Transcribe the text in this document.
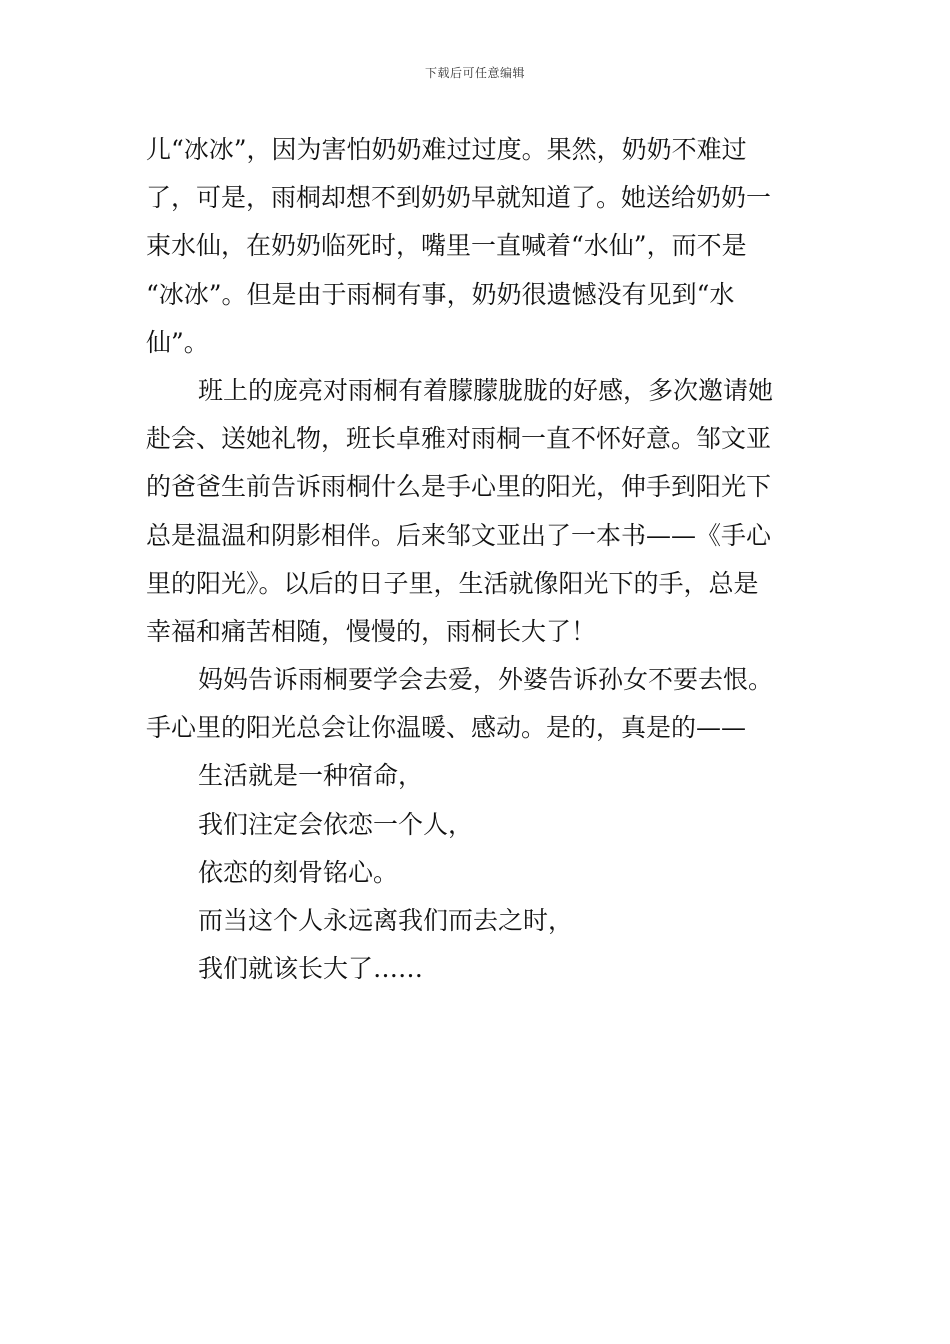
下载后可任意编辑
儿“冰冰”，因为害怕奶奶难过过度。果然，奶奶不难过
了，可是，雨桐却想不到奶奶早就知道了。她送给奶奶一
束水仙，在奶奶临死时，嘴里一直喊着“水仙”，而不是
“冰冰”。但是由于雨桐有事，奶奶很遗憾没有见到“水
仙”。
班上的庞亮对雨桐有着朦朦胧胧的好感，多次邀请她
赴会、送她礼物，班长卓雅对雨桐一直不怀好意。邹文亚
的爸爸生前告诉雨桐什么是手心里的阳光，伸手到阳光下
总是温温和阴影相伴。后来邹文亚出了一本书——《手心
里的阳光》。以后的日子里，生活就像阳光下的手，总是
幸福和痛苦相随，慢慢的，雨桐长大了！
妈妈告诉雨桐要学会去爱，外婆告诉孙女不要去恨。
手心里的阳光总会让你温暖、感动。是的，真是的——
生活就是一种宿命，
我们注定会依恋一个人，
依恋的刻骨铭心。
而当这个人永远离我们而去之时，
我们就该长大了……
